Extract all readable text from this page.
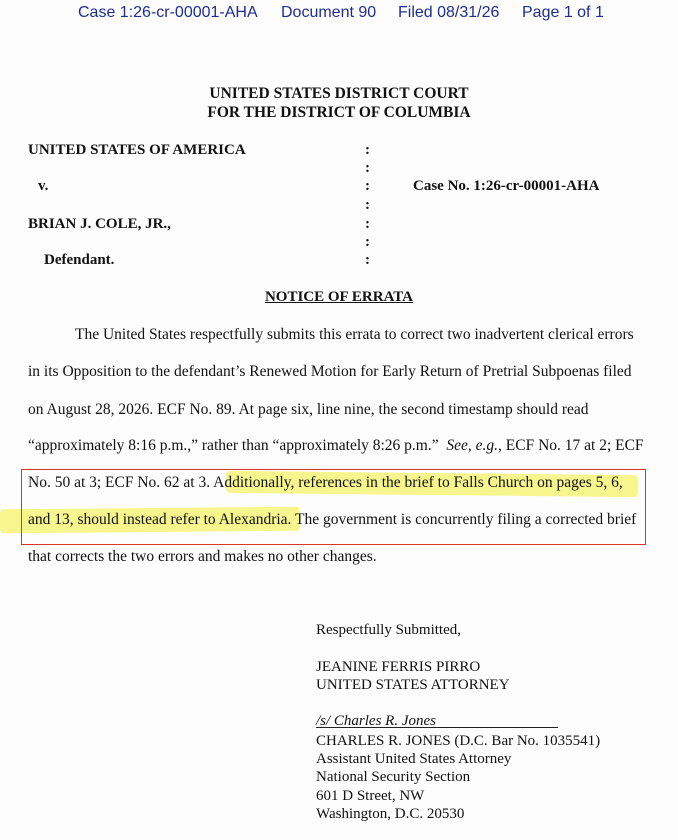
Case 1:26-cr-00001-AHA Document 90 Filed 08/31/26 Page 1 of 1
UNITED STATES DISTRICT COURT
FOR THE DISTRICT OF COLUMBIA
UNITED STATES OF AMERICA
v.
BRIAN J. COLE, JR.,
Defendant.
Case No. 1:26-cr-00001-AHA
:
:
:
:
:
:
:
NOTICE OF ERRATA
The United States respectfully submits this errata to correct two inadvertent clerical errors
in its Opposition to the defendant’s Renewed Motion for Early Return of Pretrial Subpoenas filed
on August 28, 2026. ECF No. 89. At page six, line nine, the second timestamp should read
“approximately 8:16 p.m.,” rather than “approximately 8:26 p.m.” See, e.g., ECF No. 17 at 2; ECF
No. 50 at 3; ECF No. 62 at 3. Additionally, references in the brief to Falls Church on pages 5, 6,
and 13, should instead refer to Alexandria. The government is concurrently filing a corrected brief
that corrects the two errors and makes no other changes.
Respectfully Submitted,
JEANINE FERRIS PIRRO
UNITED STATES ATTORNEY
/s/ Charles R. Jones
CHARLES R. JONES (D.C. Bar No. 1035541)
Assistant United States Attorney
National Security Section
601 D Street, NW
Washington, D.C. 20530
